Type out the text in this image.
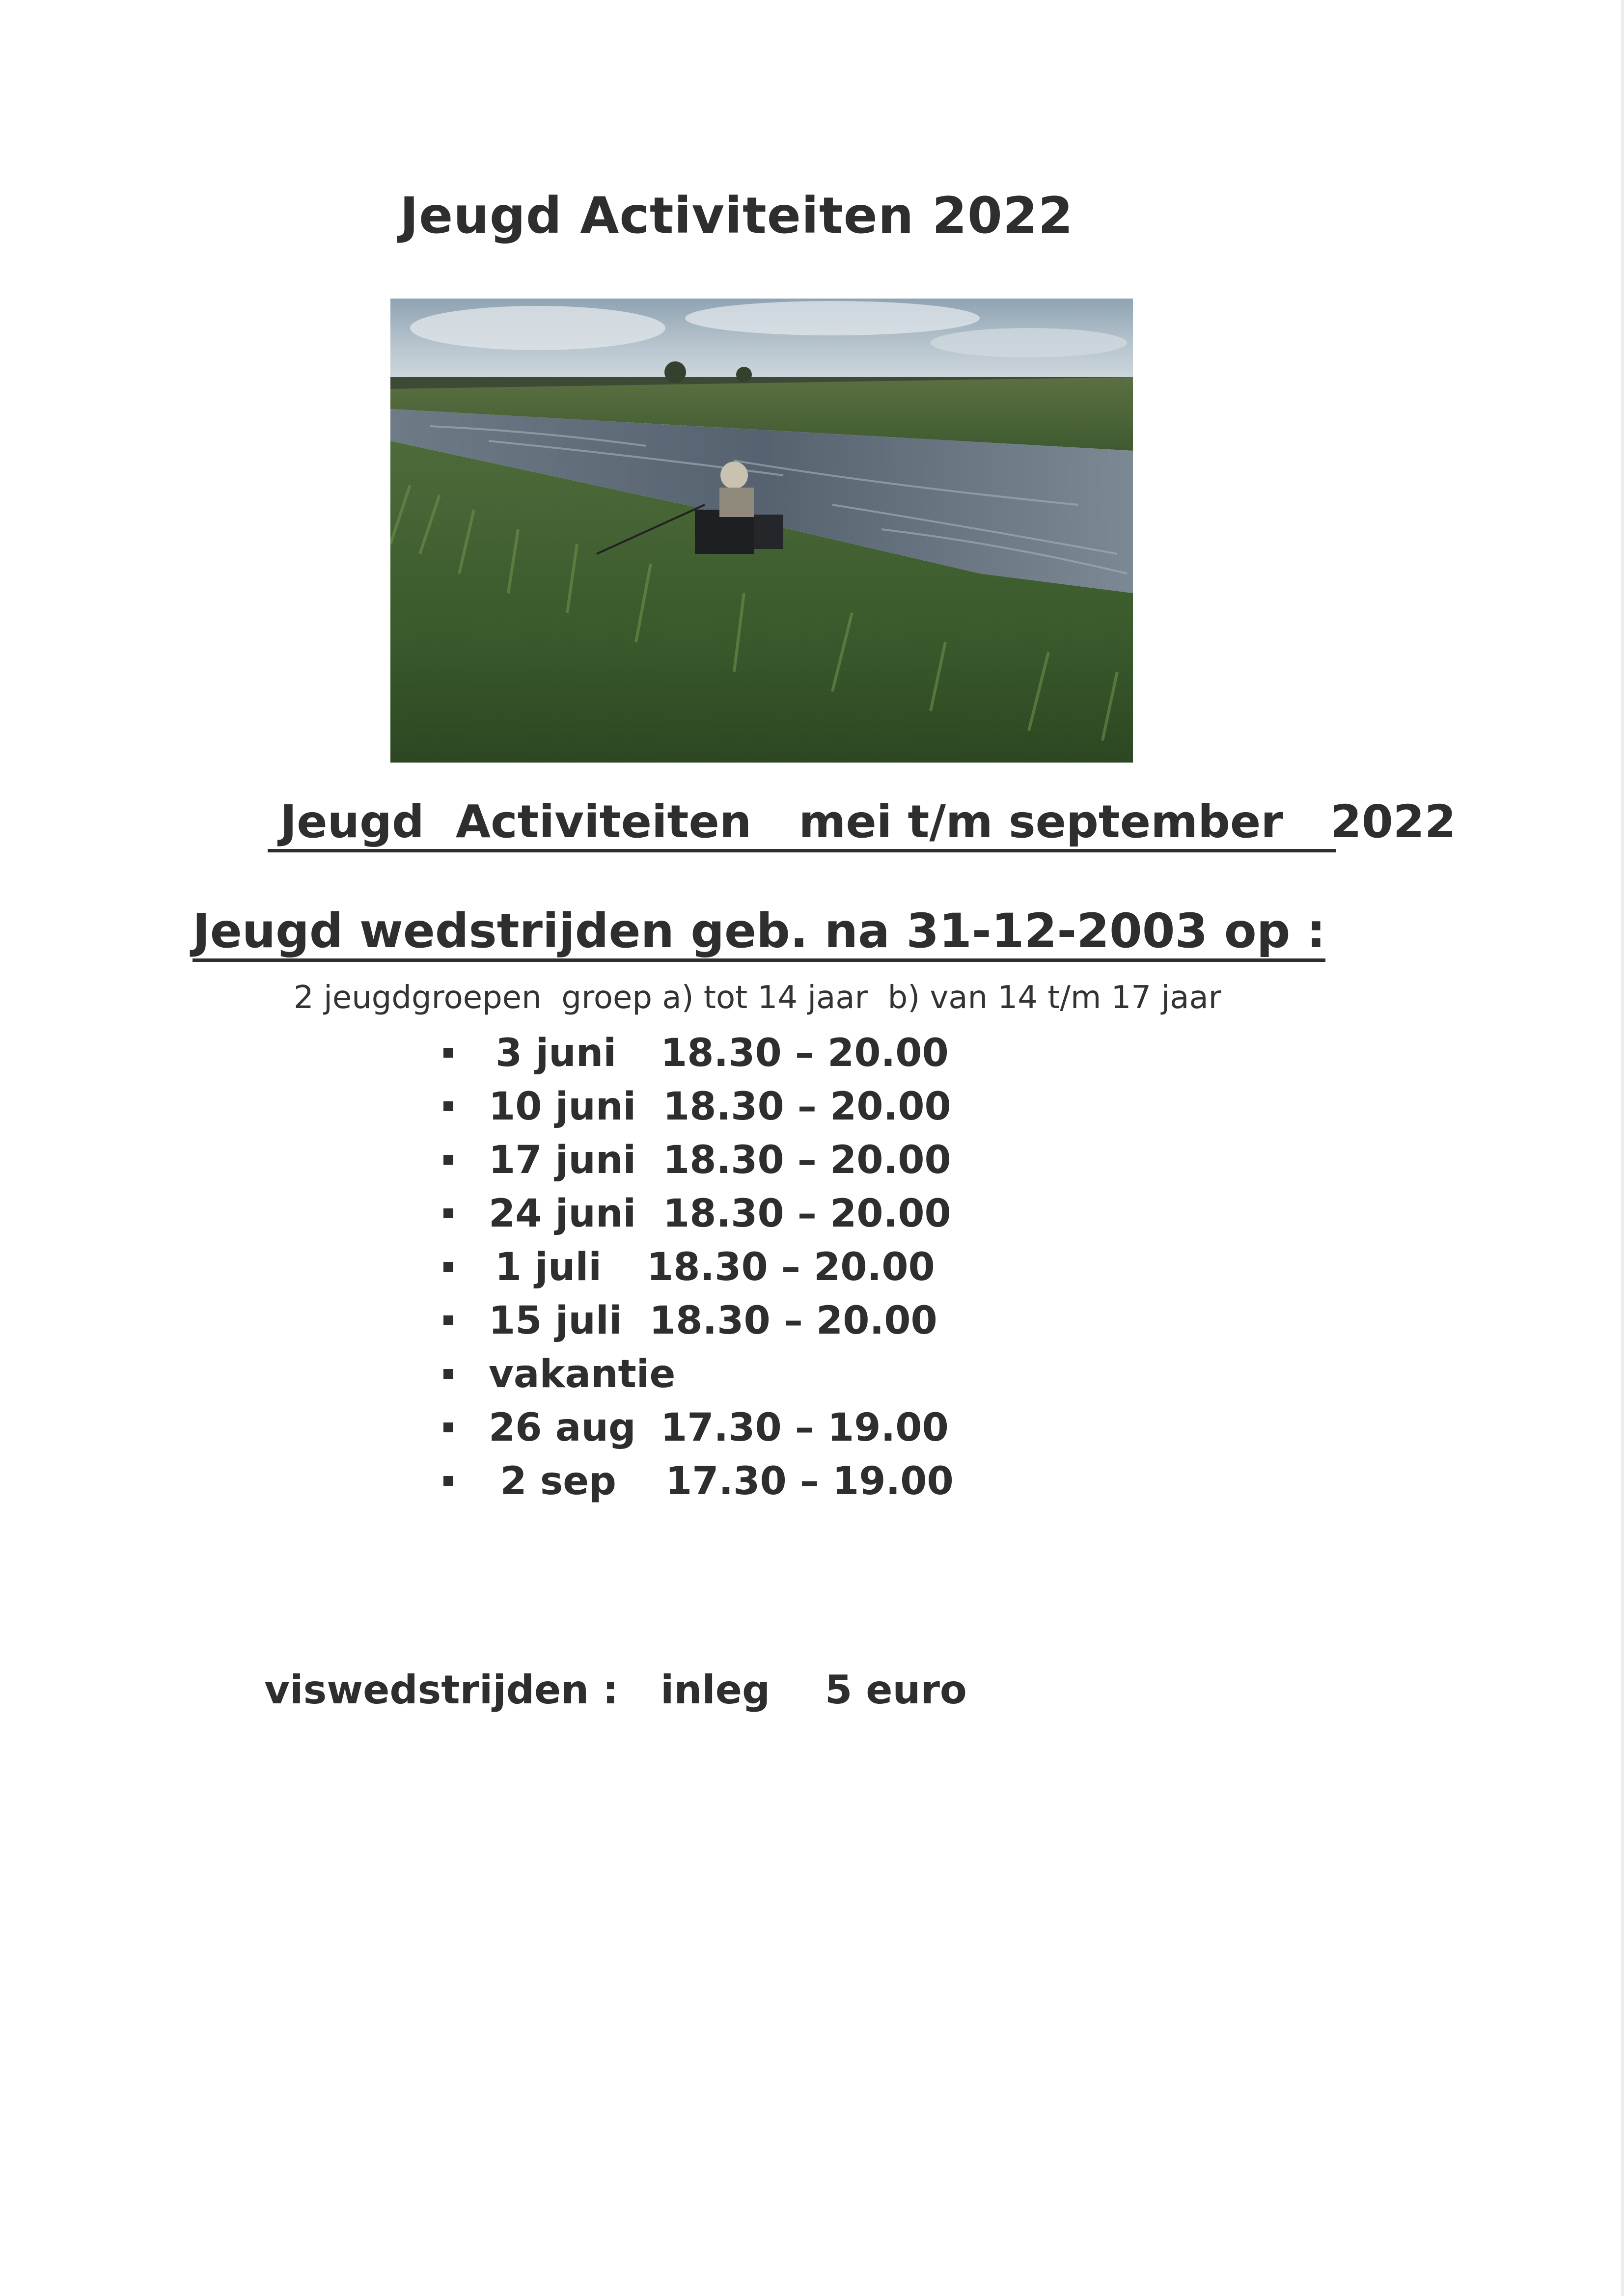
Jeugd Activiteiten 2022
Jeugd  Activiteiten   mei t/m september   2022
Jeugd wedstrijden geb. na 31-12-2003 op :
2 jeugdgroepen  groep a) tot 14 jaar  b) van 14 t/m 17 jaar

3 juni

18.30 – 20.00

10 juni

18.30 – 20.00

17 juni

18.30 – 20.00

24 juni

18.30 – 20.00

1 juli

18.30 – 20.00

15 juli

18.30 – 20.00

vakantie

26 aug

17.30 – 19.00

2 sep

17.30 – 19.00

viswedstrijden : inleg    5 euro
